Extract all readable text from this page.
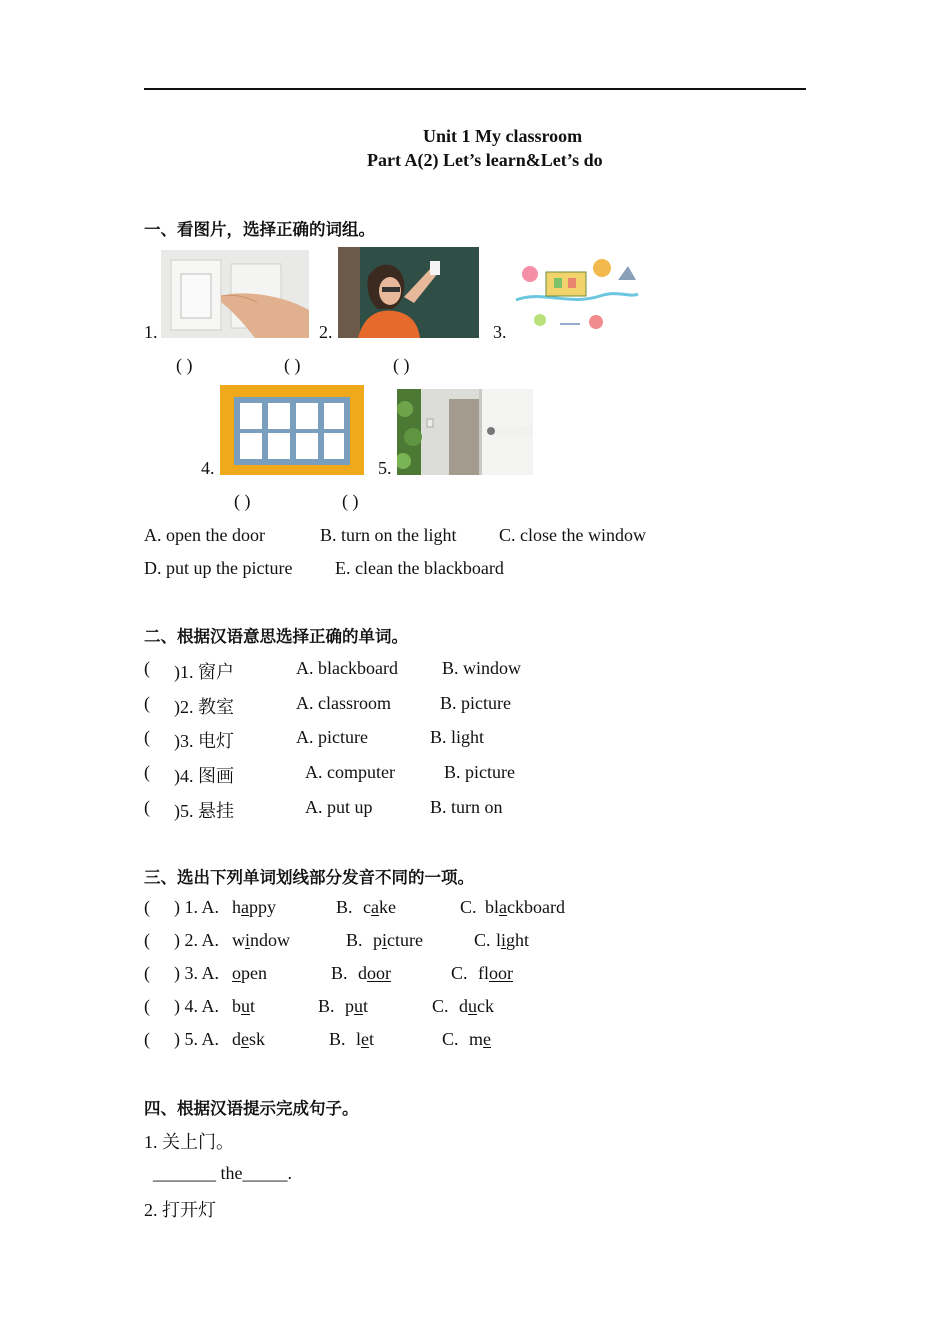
Unit 1 My classroom
Part A(2) Let’s learn&Let’s do
一、看图片，选择正确的词组。
1.	2.	3.
( )	( )	( )
4.	5.
( )	( )
A. open the door	B. turn on the light C. close the window
D. put up the picture E. clean the blackboard
二、根据汉语意思选择正确的单词。
( )1. 窗户	A. blackboard B. window
( )2. 教室	A. classroom	B. picture
( )3. 电灯	A. picture	B. light
( )4. 图画	A. computer	B. picture
( )5. 悬挂	A. put up	B. turn on
三、选出下列单词划线部分发音不同的一项。
( ) 1. A. happy	B. cake	C. blackboard
( ) 2. A. window	B. picture	C. light
( ) 3. A. open	B. door	C. floor
( ) 4. A. but	B. put	C. duck
( ) 5. A. desk	B. let	C. me
四、根据汉语提示完成句子。
1. 关上门。
_______ the_____.
2. 打开灯
